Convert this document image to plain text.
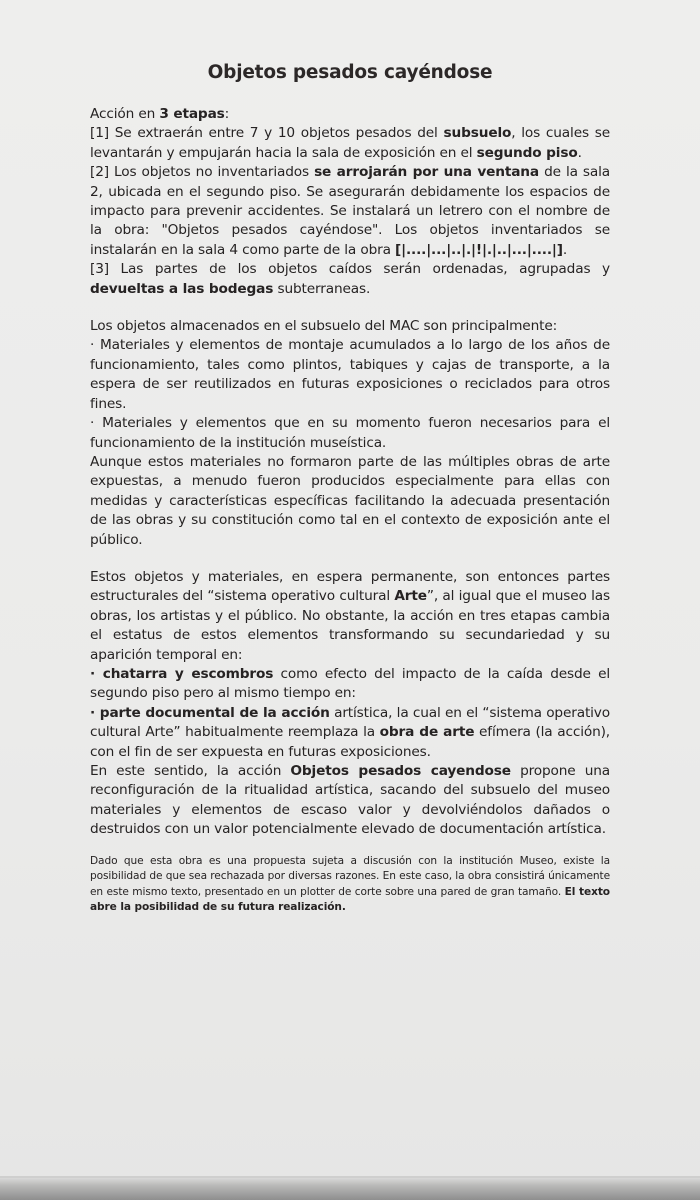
Objetos pesados cayéndose

Acción en 3 etapas:

[1] Se extraerán entre 7 y 10 objetos pesados del subsuelo, los cuales se levantarán y empujarán hacia la sala de exposición en el segundo piso.

[2] Los objetos no inventariados se arrojarán por una ventana de la sala 2, ubicada en el segundo piso. Se asegurarán debidamente los espacios de impacto para prevenir accidentes. Se instalará un letrero con el nombre de la obra: "Objetos pesados cayéndose". Los objetos inventariados se instalarán en la sala 4 como parte de la obra [|....|...|..|.|!|.|..|...|....|].

[3] Las partes de los objetos caídos serán ordenadas, agrupadas y devueltas a las bodegas subterraneas.

Los objetos almacenados en el subsuelo del MAC son principalmente:

· Materiales y elementos de montaje acumulados a lo largo de los años de funcionamiento, tales como plintos, tabiques y cajas de transporte, a la espera de ser reutilizados en futuras exposiciones o reciclados para otros fines.

· Materiales y elementos que en su momento fueron necesarios para el funcionamiento de la institución museística.

Aunque estos materiales no formaron parte de las múltiples obras de arte expuestas, a menudo fueron producidos especialmente para ellas con medidas y características específicas facilitando la adecuada presentación de las obras y su constitución como tal en el contexto de exposición ante el público.

Estos objetos y materiales, en espera permanente, son entonces partes estructurales del “sistema operativo cultural Arte”, al igual que el museo las obras, los artistas y el público. No obstante, la acción en tres etapas cambia el estatus de estos elementos transformando su secundariedad y su aparición temporal en:

· chatarra y escombros como efecto del impacto de la caída desde el segundo piso pero al mismo tiempo en:

· parte documental de la acción artística, la cual en el “sistema operativo cultural Arte” habitualmente reemplaza la obra de arte efímera (la acción), con el fin de ser expuesta en futuras exposiciones.

En este sentido, la acción Objetos pesados cayendose propone una reconfiguración de la ritualidad artística, sacando del subsuelo del museo materiales y elementos de escaso valor y devolviéndolos dañados o destruidos con un valor potencialmente elevado de documentación artística.

Dado que esta obra es una propuesta sujeta a discusión con la institución Museo, existe la posibilidad de que sea rechazada por diversas razones. En este caso, la obra consistirá únicamente en este mismo texto, presentado en un plotter de corte sobre una pared de gran tamaño. El texto abre la posibilidad de su futura realización.
